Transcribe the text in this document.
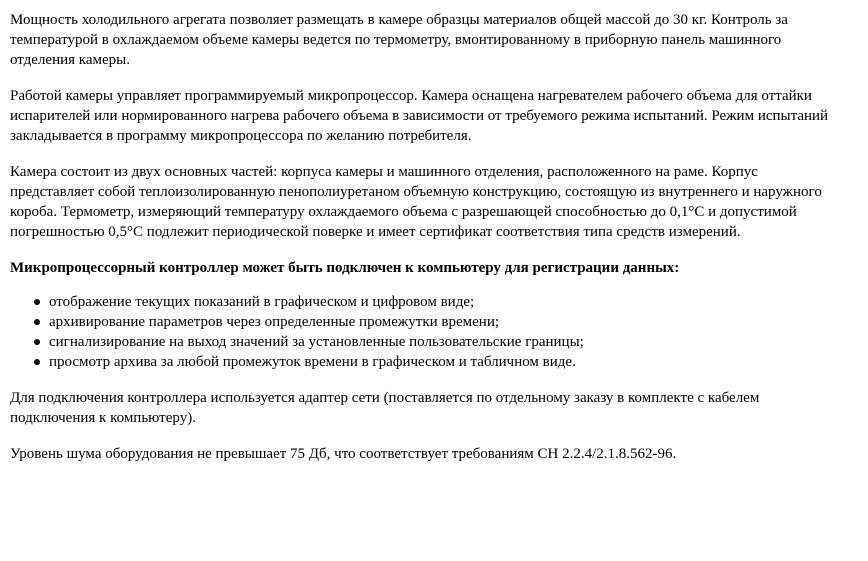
Мощность холодильного агрегата позволяет размещать в камере образцы материалов общей массой до 30 кг. Контроль за температурой в охлаждаемом объеме камеры ведется по термометру, вмонтированному в приборную панель машинного отделения камеры.

Работой камеры управляет программируемый микропроцессор. Камера оснащена нагревателем рабочего объема для оттайки испарителей или нормированного нагрева рабочего объема в зависимости от требуемого режима испытаний. Режим испытаний закладывается в программу микропроцессора по желанию потребителя.

Камера состоит из двух основных частей: корпуса камеры и машинного отделения, расположенного на раме. Корпус представляет собой теплоизолированную пенополиуретаном объемную конструкцию, состоящую из внутреннего и наружного короба. Термометр, измеряющий температуру охлаждаемого объема с разрешающей способностью до 0,1°С и допустимой погрешностью 0,5°С подлежит периодической поверке и имеет сертификат соответствия типа средств измерений.

Микропроцессорный контроллер может быть подключен к компьютеру для регистрации данных:

отображение текущих показаний в графическом и цифровом виде;
архивирование параметров через определенные промежутки времени;
сигнализирование на выход значений за установленные пользовательские границы;
просмотр архива за любой промежуток времени в графическом и табличном виде.

Для подключения контроллера используется адаптер сети (поставляется по отдельному заказу в комплекте с кабелем подключения к компьютеру).

Уровень шума оборудования не превышает 75 Дб, что соответствует требованиям СН 2.2.4/2.1.8.562-96.
